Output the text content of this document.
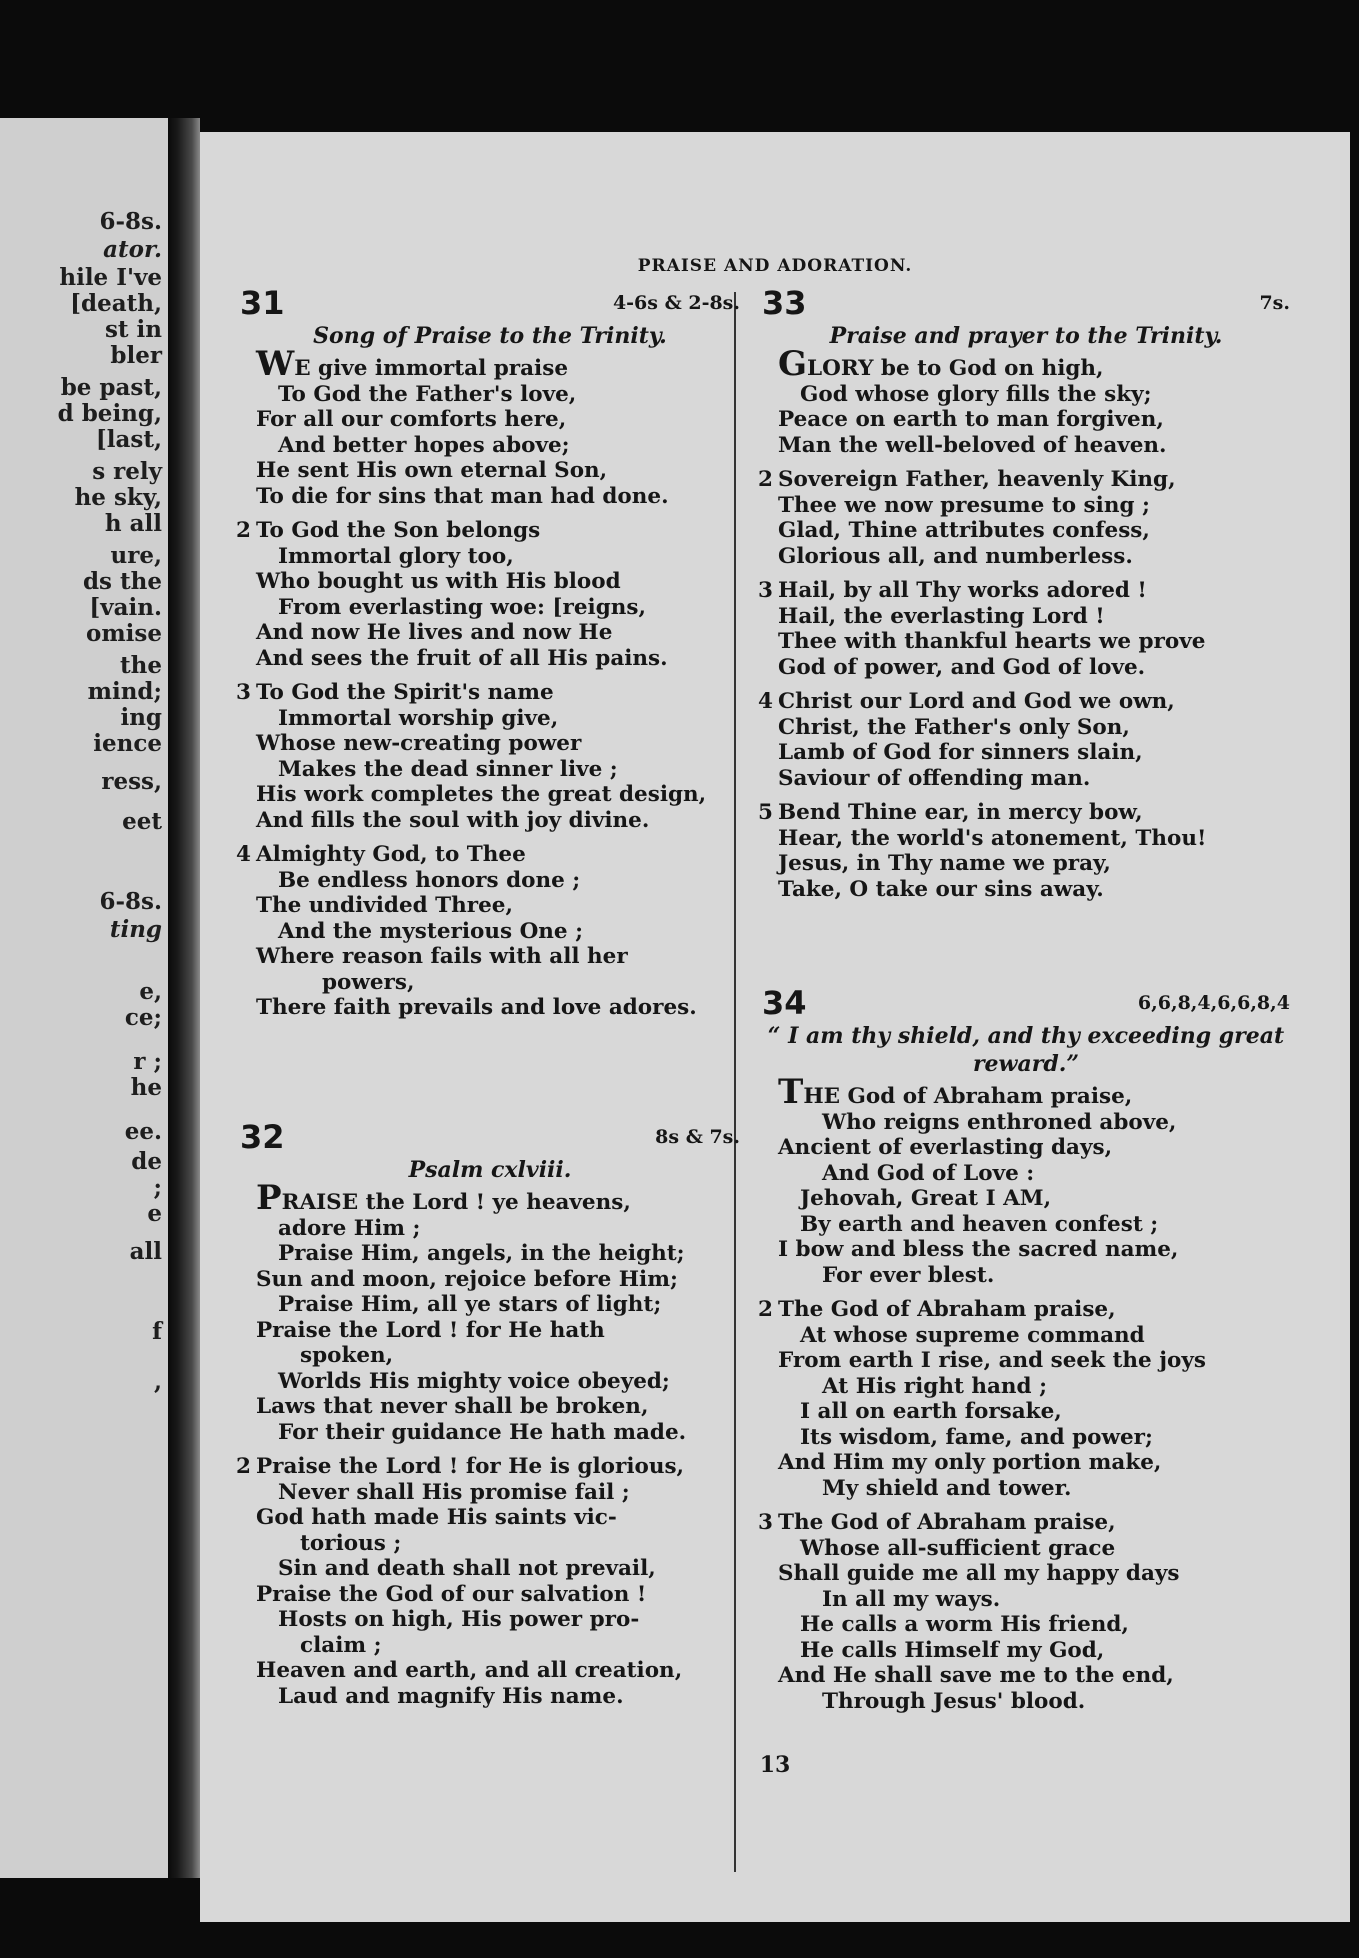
6-8s.
ator.
hile I've
[death,
st in
bler
be past,
d being,
[last,
s rely
he sky,
h all
ure,
ds the
[vain.
omise
the
mind;
ing
ience
ress,
eet
6-8s.
ting
e,
ce;
r ;
he
ee.
de
;
e
all
f
,
PRAISE AND ADORATION.
31	4-6s & 2-8s.
Song of Praise to the Trinity.
WE give immortal praise
To God the Father's love,
For all our comforts here,
And better hopes above;
He sent His own eternal Son,
To die for sins that man had done.
2 To God the Son belongs
Immortal glory too,
Who bought us with His blood
From everlasting woe: [reigns,
And now He lives and now He
And sees the fruit of all His pains.
3 To God the Spirit's name
Immortal worship give,
Whose new-creating power
Makes the dead sinner live ;
His work completes the great design,
And fills the soul with joy divine.
4 Almighty God, to Thee
Be endless honors done ;
The undivided Three,
And the mysterious One ;
Where reason fails with all her
powers,
There faith prevails and love adores.
32	8s & 7s.
Psalm cxlviii.
PRAISE the Lord ! ye heavens,
adore Him ;
Praise Him, angels, in the height;
Sun and moon, rejoice before Him;
Praise Him, all ye stars of light;
Praise the Lord ! for He hath
spoken,
Worlds His mighty voice obeyed;
Laws that never shall be broken,
For their guidance He hath made.
2 Praise the Lord ! for He is glorious,
Never shall His promise fail ;
God hath made His saints vic-
torious ;
Sin and death shall not prevail,
Praise the God of our salvation !
Hosts on high, His power pro-
claim ;
Heaven and earth, and all creation,
Laud and magnify His name.
33	7s.
Praise and prayer to the Trinity.
GLORY be to God on high,
God whose glory fills the sky;
Peace on earth to man forgiven,
Man the well-beloved of heaven.
2 Sovereign Father, heavenly King,
Thee we now presume to sing ;
Glad, Thine attributes confess,
Glorious all, and numberless.
3 Hail, by all Thy works adored !
Hail, the everlasting Lord !
Thee with thankful hearts we prove
God of power, and God of love.
4 Christ our Lord and God we own,
Christ, the Father's only Son,
Lamb of God for sinners slain,
Saviour of offending man.
5 Bend Thine ear, in mercy bow,
Hear, the world's atonement, Thou!
Jesus, in Thy name we pray,
Take, O take our sins away.
34	6,6,8,4,6,6,8,4
“ I am thy shield, and thy exceeding great reward.”
THE God of Abraham praise,
Who reigns enthroned above,
Ancient of everlasting days,
And God of Love :
Jehovah, Great I AM,
By earth and heaven confest ;
I bow and bless the sacred name,
For ever blest.
2 The God of Abraham praise,
At whose supreme command
From earth I rise, and seek the joys
At His right hand ;
I all on earth forsake,
Its wisdom, fame, and power;
And Him my only portion make,
My shield and tower.
3 The God of Abraham praise,
Whose all-sufficient grace
Shall guide me all my happy days
In all my ways.
He calls a worm His friend,
He calls Himself my God,
And He shall save me to the end,
Through Jesus' blood.
13
